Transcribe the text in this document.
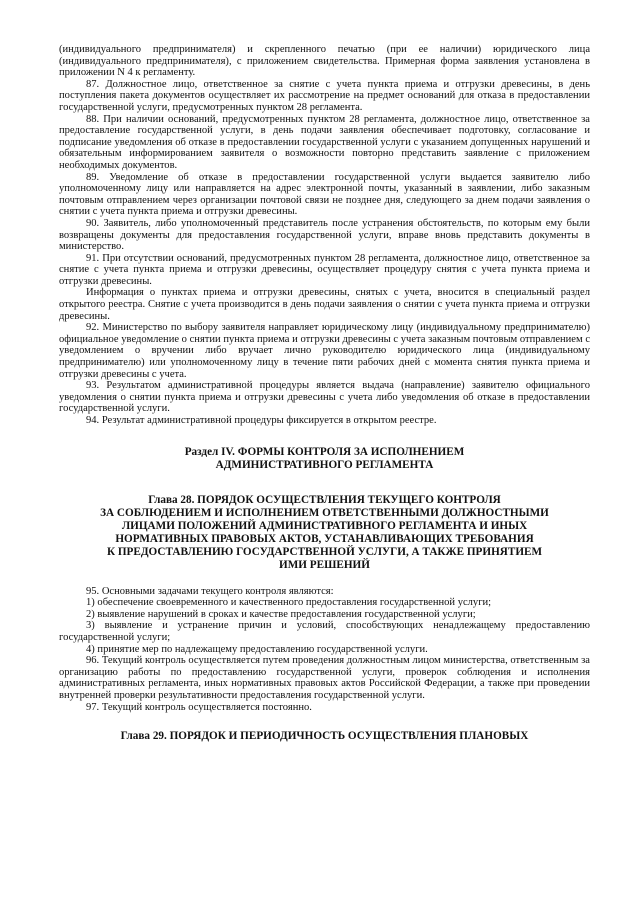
(индивидуального предпринимателя) и скрепленного печатью (при ее наличии) юридического лица (индивидуального предпринимателя), с приложением свидетельства. Примерная форма заявления установлена в приложении N 4 к регламенту.

87. Должностное лицо, ответственное за снятие с учета пункта приема и отгрузки древесины, в день поступления пакета документов осуществляет их рассмотрение на предмет оснований для отказа в предоставлении государственной услуги, предусмотренных пунктом 28 регламента.

88. При наличии оснований, предусмотренных пунктом 28 регламента, должностное лицо, ответственное за предоставление государственной услуги, в день подачи заявления обеспечивает подготовку, согласование и подписание уведомления об отказе в предоставлении государственной услуги с указанием допущенных нарушений и обязательным информированием заявителя о возможности повторно представить заявление с приложением необходимых документов.

89. Уведомление об отказе в предоставлении государственной услуги выдается заявителю либо уполномоченному лицу или направляется на адрес электронной почты, указанный в заявлении, либо заказным почтовым отправлением через организации почтовой связи не позднее дня, следующего за днем подачи заявления о снятии с учета пункта приема и отгрузки древесины.

90. Заявитель, либо уполномоченный представитель после устранения обстоятельств, по которым ему были возвращены документы для предоставления государственной услуги, вправе вновь представить документы в министерство.

91. При отсутствии оснований, предусмотренных пунктом 28 регламента, должностное лицо, ответственное за снятие с учета пункта приема и отгрузки древесины, осуществляет процедуру снятия с учета пункта приема и отгрузки древесины.

Информация о пунктах приема и отгрузки древесины, снятых с учета, вносится в специальный раздел открытого реестра. Снятие с учета производится в день подачи заявления о снятии с учета пункта приема и отгрузки древесины.

92. Министерство по выбору заявителя направляет юридическому лицу (индивидуальному предпринимателю) официальное уведомление о снятии пункта приема и отгрузки древесины с учета заказным почтовым отправлением с уведомлением о вручении либо вручает лично руководителю юридического лица (индивидуальному предпринимателю) или уполномоченному лицу в течение пяти рабочих дней с момента снятия пункта приема и отгрузки древесины с учета.

93. Результатом административной процедуры является выдача (направление) заявителю официального уведомления о снятии пункта приема и отгрузки древесины с учета либо уведомления об отказе в предоставлении государственной услуги.

94. Результат административной процедуры фиксируется в открытом реестре.

Раздел IV. ФОРМЫ КОНТРОЛЯ ЗА ИСПОЛНЕНИЕМ
АДМИНИСТРАТИВНОГО РЕГЛАМЕНТА
Глава 28. ПОРЯДОК ОСУЩЕСТВЛЕНИЯ ТЕКУЩЕГО КОНТРОЛЯ
ЗА СОБЛЮДЕНИЕМ И ИСПОЛНЕНИЕМ ОТВЕТСТВЕННЫМИ ДОЛЖНОСТНЫМИ
ЛИЦАМИ ПОЛОЖЕНИЙ АДМИНИСТРАТИВНОГО РЕГЛАМЕНТА И ИНЫХ
НОРМАТИВНЫХ ПРАВОВЫХ АКТОВ, УСТАНАВЛИВАЮЩИХ ТРЕБОВАНИЯ
К ПРЕДОСТАВЛЕНИЮ ГОСУДАРСТВЕННОЙ УСЛУГИ, А ТАКЖЕ ПРИНЯТИЕМ
ИМИ РЕШЕНИЙ

95. Основными задачами текущего контроля являются:

1) обеспечение своевременного и качественного предоставления государственной услуги;

2) выявление нарушений в сроках и качестве предоставления государственной услуги;

3) выявление и устранение причин и условий, способствующих ненадлежащему предоставлению государственной услуги;

4) принятие мер по надлежащему предоставлению государственной услуги.

96. Текущий контроль осуществляется путем проведения должностным лицом министерства, ответственным за организацию работы по предоставлению государственной услуги, проверок соблюдения и исполнения административных регламента, иных нормативных правовых актов Российской Федерации, а также при проведении внутренней проверки результативности предоставления государственной услуги.

97. Текущий контроль осуществляется постоянно.

Глава 29. ПОРЯДОК И ПЕРИОДИЧНОСТЬ ОСУЩЕСТВЛЕНИЯ ПЛАНОВЫХ
